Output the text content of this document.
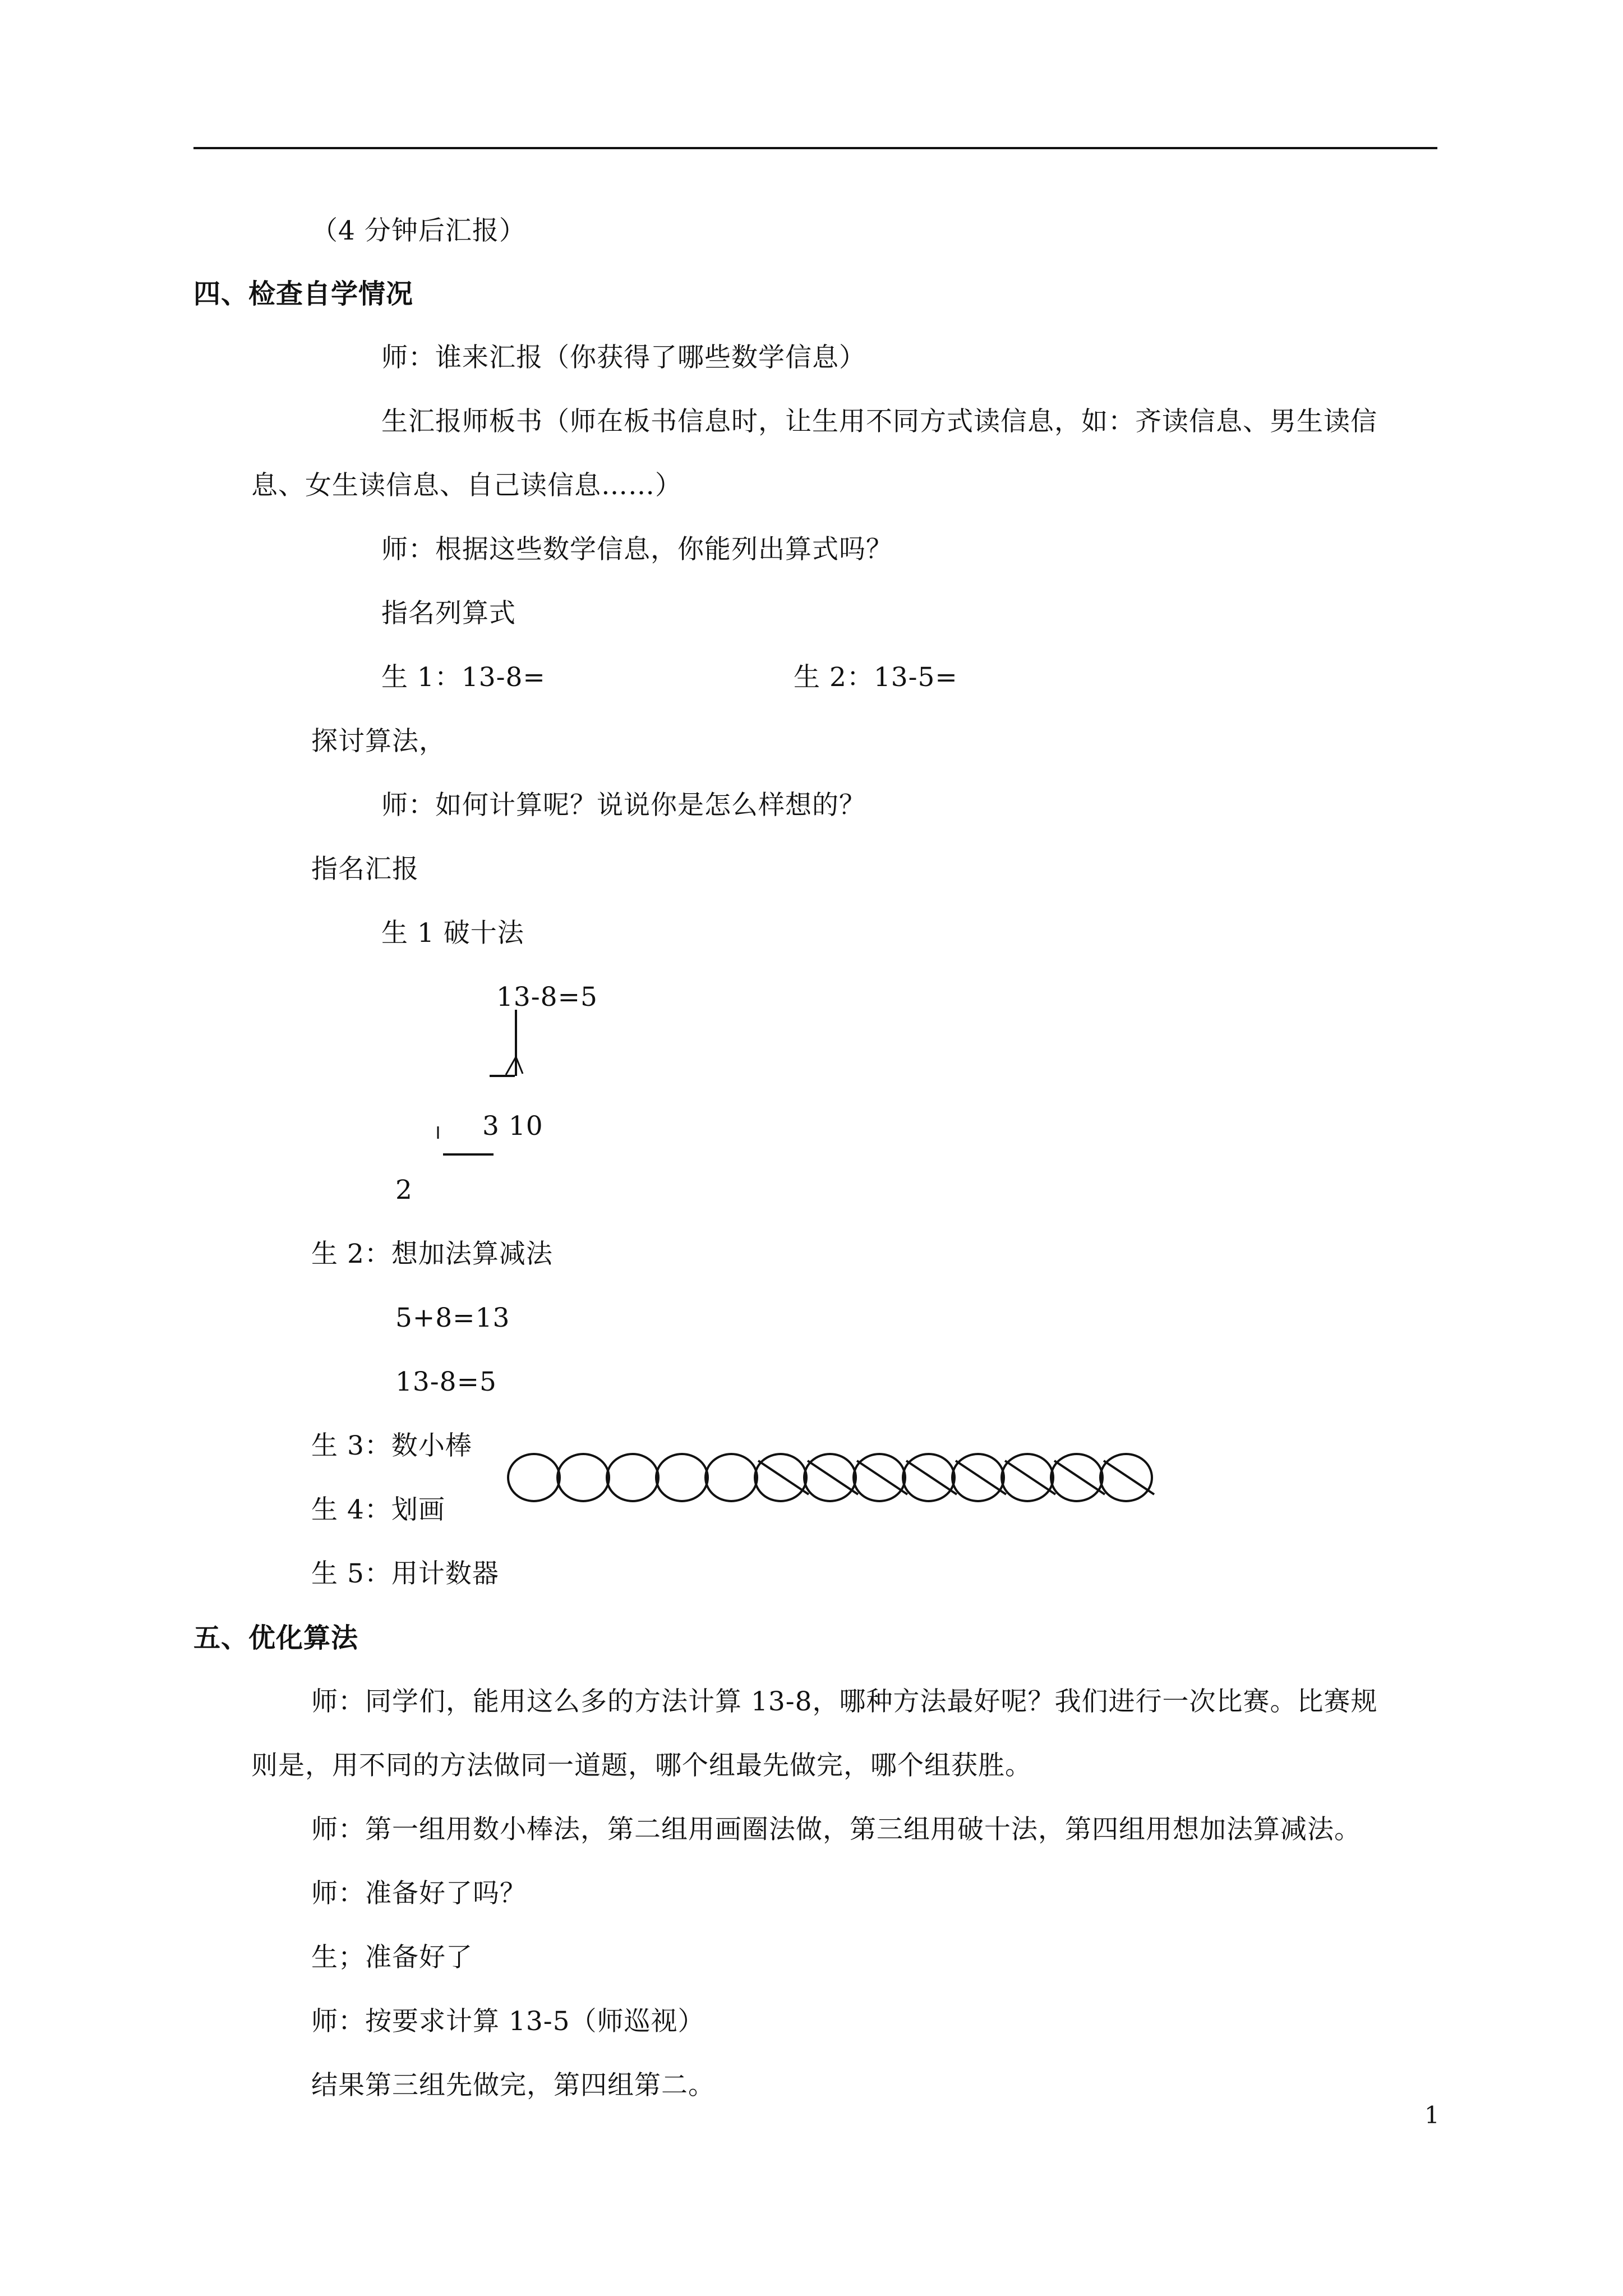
（4 分钟后汇报）
四、检查自学情况
师：谁来汇报（你获得了哪些数学信息）
生汇报师板书（师在板书信息时，让生用不同方式读信息，如：齐读信息、男生读信
息、女生读信息、自己读信息……）
师：根据这些数学信息，你能列出算式吗？
指名列算式
生 1：13-8=	生 2：13-5=
探讨算法，
师：如何计算呢？说说你是怎么样想的？
指名汇报
生 1 破十法
13-8=5
3 10
2
生 2：想加法算减法
5+8=13
13-8=5
生 3：数小棒
生 4：划画
生 5：用计数器
五、优化算法
师：同学们，能用这么多的方法计算 13-8，哪种方法最好呢？我们进行一次比赛。比赛规
则是，用不同的方法做同一道题，哪个组最先做完，哪个组获胜。
师：第一组用数小棒法，第二组用画圈法做，第三组用破十法，第四组用想加法算减法。
师：准备好了吗？
生；准备好了
师：按要求计算 13-5（师巡视）
结果第三组先做完，第四组第二。
1
